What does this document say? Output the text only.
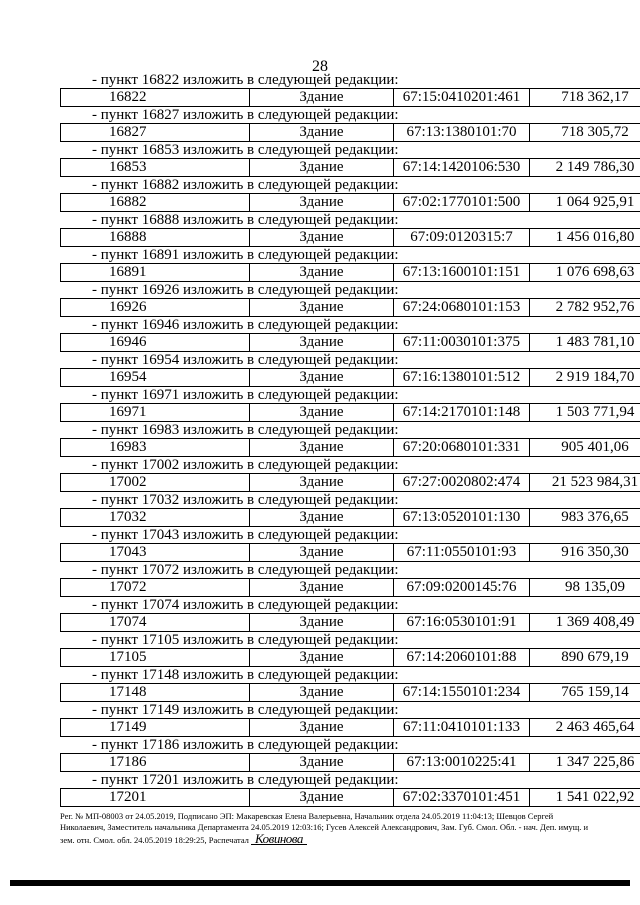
28
- пункт 16822 изложить в следующей редакции:
16822	Здание	67:15:0410201:461	718 362,17
- пункт 16827 изложить в следующей редакции:
16827	Здание	67:13:1380101:70	718 305,72
- пункт 16853 изложить в следующей редакции:
16853	Здание	67:14:1420106:530	2 149 786,30
- пункт 16882 изложить в следующей редакции:
16882	Здание	67:02:1770101:500	1 064 925,91
- пункт 16888 изложить в следующей редакции:
16888	Здание	67:09:0120315:7	1 456 016,80
- пункт 16891 изложить в следующей редакции:
16891	Здание	67:13:1600101:151	1 076 698,63
- пункт 16926 изложить в следующей редакции:
16926	Здание	67:24:0680101:153	2 782 952,76
- пункт 16946 изложить в следующей редакции:
16946	Здание	67:11:0030101:375	1 483 781,10
- пункт 16954 изложить в следующей редакции:
16954	Здание	67:16:1380101:512	2 919 184,70
- пункт 16971 изложить в следующей редакции:
16971	Здание	67:14:2170101:148	1 503 771,94
- пункт 16983 изложить в следующей редакции:
16983	Здание	67:20:0680101:331	905 401,06
- пункт 17002 изложить в следующей редакции:
17002	Здание	67:27:0020802:474	21 523 984,31
- пункт 17032 изложить в следующей редакции:
17032	Здание	67:13:0520101:130	983 376,65
- пункт 17043 изложить в следующей редакции:
17043	Здание	67:11:0550101:93	916 350,30
- пункт 17072 изложить в следующей редакции:
17072	Здание	67:09:0200145:76	98 135,09
- пункт 17074 изложить в следующей редакции:
17074	Здание	67:16:0530101:91	1 369 408,49
- пункт 17105 изложить в следующей редакции:
17105	Здание	67:14:2060101:88	890 679,19
- пункт 17148 изложить в следующей редакции:
17148	Здание	67:14:1550101:234	765 159,14
- пункт 17149 изложить в следующей редакции:
17149	Здание	67:11:0410101:133	2 463 465,64
- пункт 17186 изложить в следующей редакции:
17186	Здание	67:13:0010225:41	1 347 225,86
- пункт 17201 изложить в следующей редакции:
17201	Здание	67:02:3370101:451	1 541 022,92
Рег. № МП-08003 от 24.05.2019, Подписано ЭП: Макаревская Елена Валерьевна, Начальник отдела 24.05.2019 11:04:13; Шевцов Сергей
Николаевич, Заместитель начальника Департамента 24.05.2019 12:03:16; Гусев Алексей Александрович, Зам. Губ. Смол. Обл. - нач. Деп. имущ. и
зем. отн. Смол. обл. 24.05.2019 18:29:25, Распечатал Ковинова
